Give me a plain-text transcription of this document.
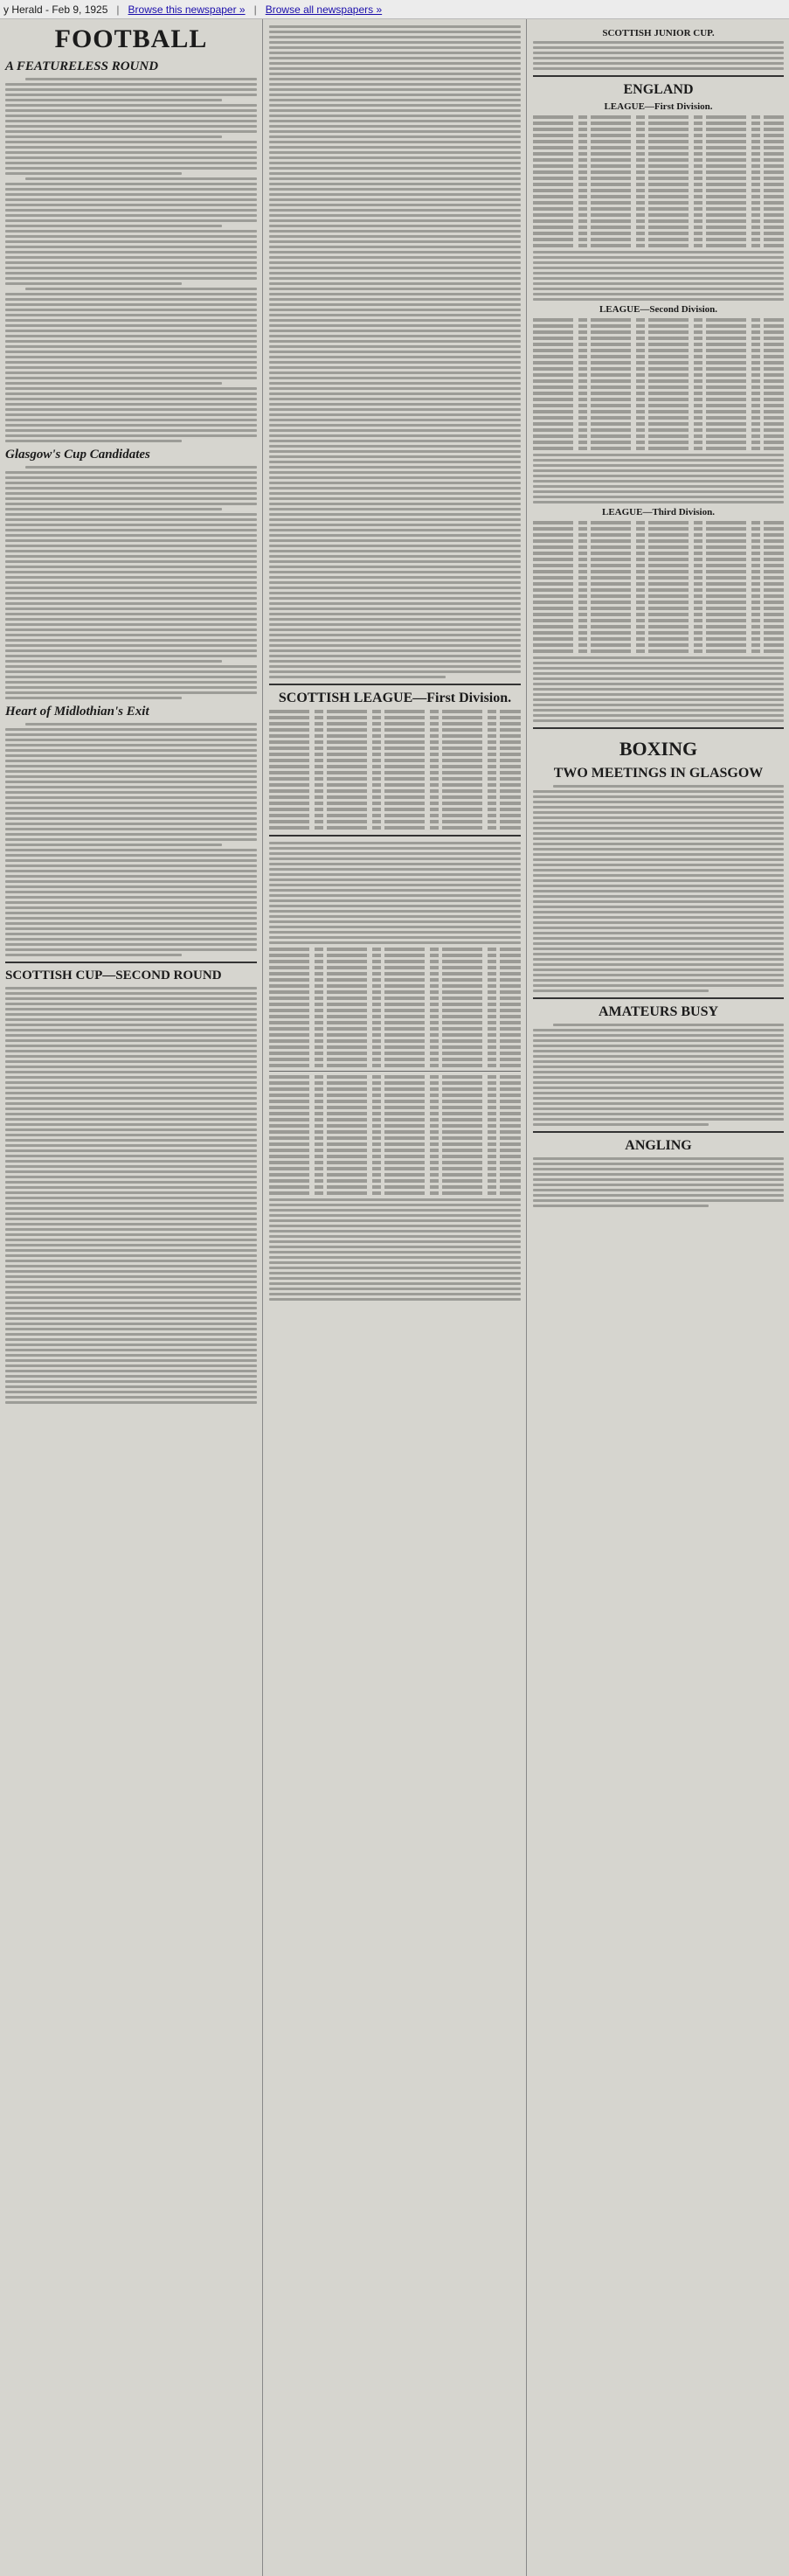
y Herald - Feb 9, 1925 | Browse this newspaper » | Browse all newspapers »
FOOTBALL
A FEATURELESS ROUND
Glasgow's Cup Candidates
Heart of Midlothian's Exit
SCOTTISH CUP—SECOND ROUND
SCOTTISH LEAGUE—First Division.
SCOTTISH JUNIOR CUP.
ENGLAND
LEAGUE—First Division.
LEAGUE—Second Division.
LEAGUE—Third Division.
BOXING
TWO MEETINGS IN GLASGOW
AMATEURS BUSY
ANGLING
